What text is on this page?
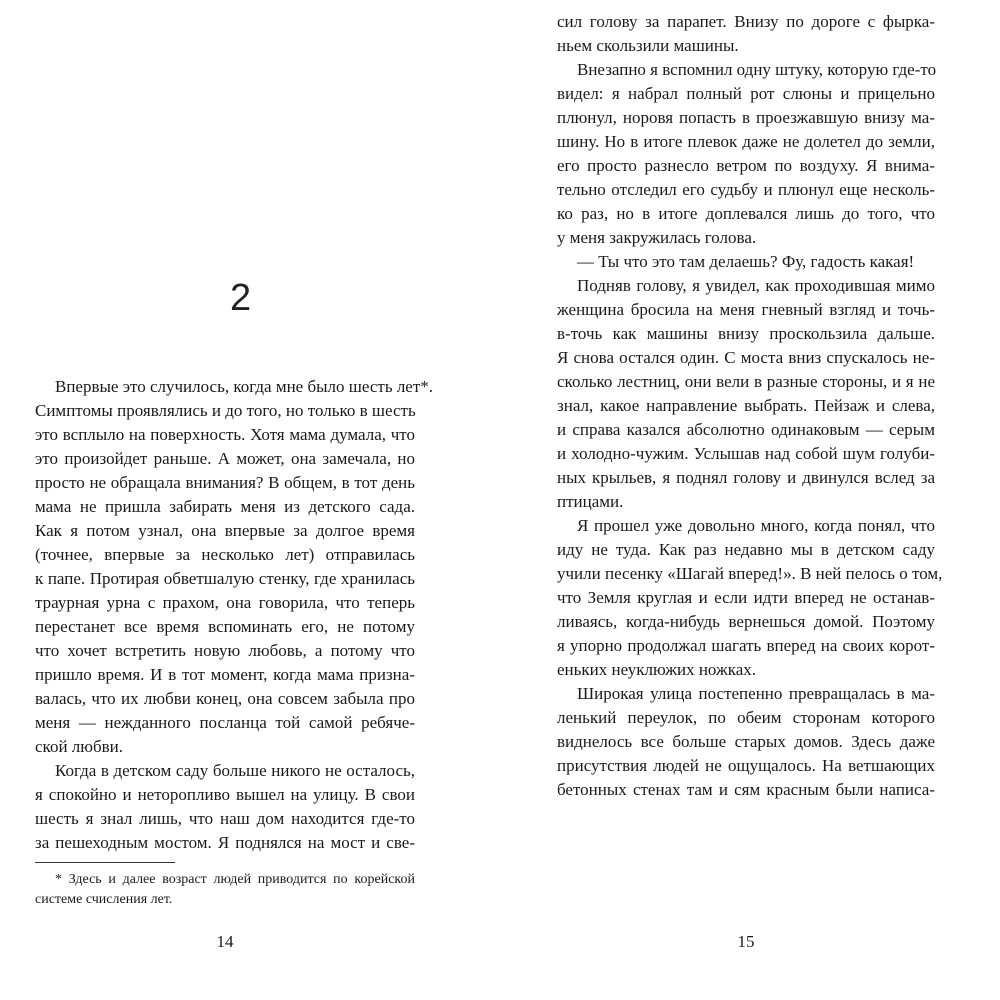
2
Впервые это случилось, когда мне было шесть лет*.
Симптомы проявлялись и до того, но только в шесть
это всплыло на поверхность. Хотя мама думала, что
это произойдет раньше. А может, она замечала, но
просто не обращала внимания? В общем, в тот день
мама не пришла забирать меня из детского сада.
Как я потом узнал, она впервые за долгое время
(точнее, впервые за несколько лет) отправилась
к папе. Протирая обветшалую стенку, где хранилась
траурная урна с прахом, она говорила, что теперь
перестанет все время вспоминать его, не потому
что хочет встретить новую любовь, а потому что
пришло время. И в тот момент, когда мама призна-
валась, что их любви конец, она совсем забыла про
меня — нежданного посланца той самой ребяче-
ской любви.
Когда в детском саду больше никого не осталось,
я спокойно и неторопливо вышел на улицу. В свои
шесть я знал лишь, что наш дом находится где-то
за пешеходным мостом. Я поднялся на мост и све-
* Здесь и далее возраст людей приводится по корейской
системе счисления лет.
14
сил голову за парапет. Внизу по дороге с фырка-
ньем скользили машины.
Внезапно я вспомнил одну штуку, которую где-то
видел: я набрал полный рот слюны и прицельно
плюнул, норовя попасть в проезжавшую внизу ма-
шину. Но в итоге плевок даже не долетел до земли,
его просто разнесло ветром по воздуху. Я внима-
тельно отследил его судьбу и плюнул еще несколь-
ко раз, но в итоге доплевался лишь до того, что
у меня закружилась голова.
— Ты что это там делаешь? Фу, гадость какая!
Подняв голову, я увидел, как проходившая мимо
женщина бросила на меня гневный взгляд и точь-
в-точь как машины внизу проскользила дальше.
Я снова остался один. С моста вниз спускалось не-
сколько лестниц, они вели в разные стороны, и я не
знал, какое направление выбрать. Пейзаж и слева,
и справа казался абсолютно одинаковым — серым
и холодно-чужим. Услышав над собой шум голуби-
ных крыльев, я поднял голову и двинулся вслед за
птицами.
Я прошел уже довольно много, когда понял, что
иду не туда. Как раз недавно мы в детском саду
учили песенку «Шагай вперед!». В ней пелось о том,
что Земля круглая и если идти вперед не останав-
ливаясь, когда-нибудь вернешься домой. Поэтому
я упорно продолжал шагать вперед на своих корот-
еньких неуклюжих ножках.
Широкая улица постепенно превращалась в ма-
ленький переулок, по обеим сторонам которого
виднелось все больше старых домов. Здесь даже
присутствия людей не ощущалось. На ветшающих
бетонных стенах там и сям красным были написа-
15
